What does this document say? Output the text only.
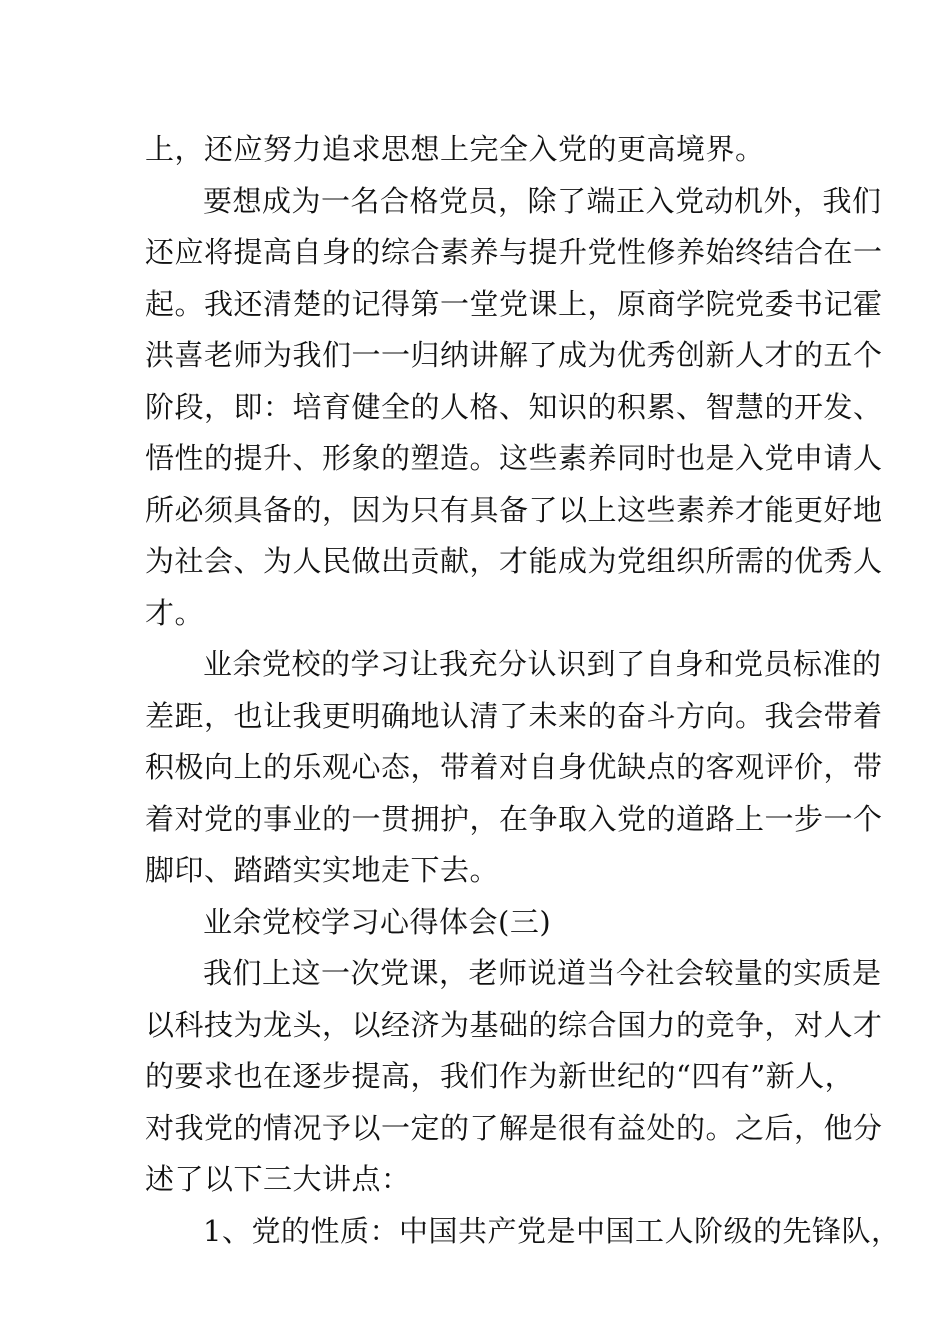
上，还应努力追求思想上完全入党的更高境界。
要想成为一名合格党员，除了端正入党动机外，我们
还应将提高自身的综合素养与提升党性修养始终结合在一
起。我还清楚的记得第一堂党课上，原商学院党委书记霍
洪喜老师为我们一一归纳讲解了成为优秀创新人才的五个
阶段，即：培育健全的人格、知识的积累、智慧的开发、
悟性的提升、形象的塑造。这些素养同时也是入党申请人
所必须具备的，因为只有具备了以上这些素养才能更好地
为社会、为人民做出贡献，才能成为党组织所需的优秀人
才。
业余党校的学习让我充分认识到了自身和党员标准的
差距，也让我更明确地认清了未来的奋斗方向。我会带着
积极向上的乐观心态，带着对自身优缺点的客观评价，带
着对党的事业的一贯拥护，在争取入党的道路上一步一个
脚印、踏踏实实地走下去。
业余党校学习心得体会(三)
我们上这一次党课，老师说道当今社会较量的实质是
以科技为龙头，以经济为基础的综合国力的竞争，对人才
的要求也在逐步提高，我们作为新世纪的“四有”新人，
对我党的情况予以一定的了解是很有益处的。之后，他分
述了以下三大讲点：
1、党的性质：中国共产党是中国工人阶级的先锋队，
